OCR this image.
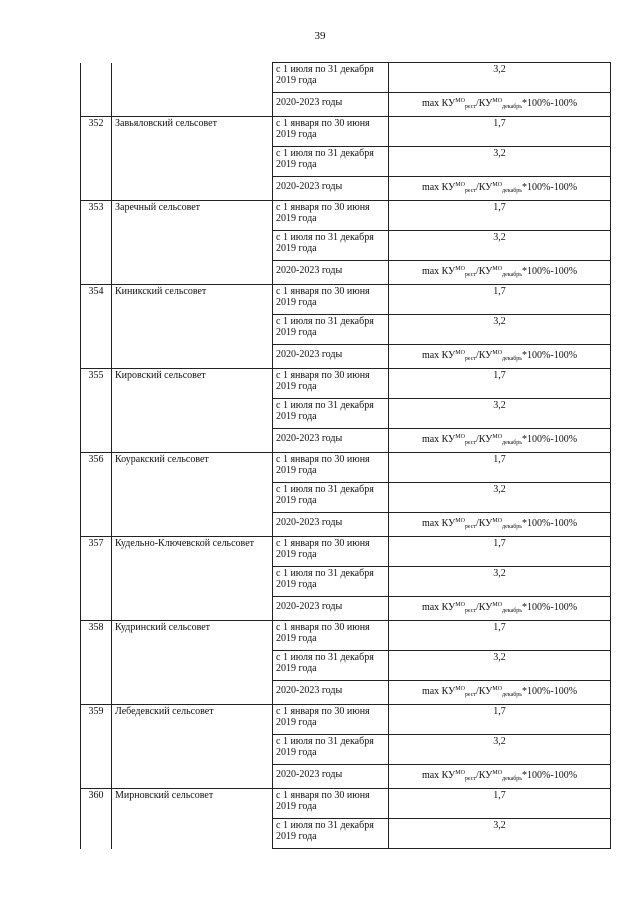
39
		с 1 июля по 31 декабря 2019 года	3,2
		2020-2023 годы	$\max КУ^{МО}_{рест}/КУ^{МО}_{декабрь}*100\%-100\%$
352	Завьяловский сельсовет	с 1 января по 30 июня 2019 года	1,7
		с 1 июля по 31 декабря 2019 года	3,2
		2020-2023 годы	$\max КУ^{МО}_{рест}/КУ^{МО}_{декабрь}*100\%-100\%$
353	Заречный сельсовет	с 1 января по 30 июня 2019 года	1,7
		с 1 июля по 31 декабря 2019 года	3,2
		2020-2023 годы	$\max КУ^{МО}_{рест}/КУ^{МО}_{декабрь}*100\%-100\%$
354	Киникский сельсовет	с 1 января по 30 июня 2019 года	1,7
		с 1 июля по 31 декабря 2019 года	3,2
		2020-2023 годы	$\max КУ^{МО}_{рест}/КУ^{МО}_{декабрь}*100\%-100\%$
355	Кировский сельсовет	с 1 января по 30 июня 2019 года	1,7
		с 1 июля по 31 декабря 2019 года	3,2
		2020-2023 годы	$\max КУ^{МО}_{рест}/КУ^{МО}_{декабрь}*100\%-100\%$
356	Коуракский сельсовет	с 1 января по 30 июня 2019 года	1,7
		с 1 июля по 31 декабря 2019 года	3,2
		2020-2023 годы	$\max КУ^{МО}_{рест}/КУ^{МО}_{декабрь}*100\%-100\%$
357	Кудельно-Ключевской сельсовет	с 1 января по 30 июня 2019 года	1,7
		с 1 июля по 31 декабря 2019 года	3,2
		2020-2023 годы	$\max КУ^{МО}_{рест}/КУ^{МО}_{декабрь}*100\%-100\%$
358	Кудринский сельсовет	с 1 января по 30 июня 2019 года	1,7
		с 1 июля по 31 декабря 2019 года	3,2
		2020-2023 годы	$\max КУ^{МО}_{рест}/КУ^{МО}_{декабрь}*100\%-100\%$
359	Лебедевский сельсовет	с 1 января по 30 июня 2019 года	1,7
		с 1 июля по 31 декабря 2019 года	3,2
		2020-2023 годы	$\max КУ^{МО}_{рест}/КУ^{МО}_{декабрь}*100\%-100\%$
360	Мирновский сельсовет	с 1 января по 30 июня 2019 года	1,7
		с 1 июля по 31 декабря 2019 года	3,2
